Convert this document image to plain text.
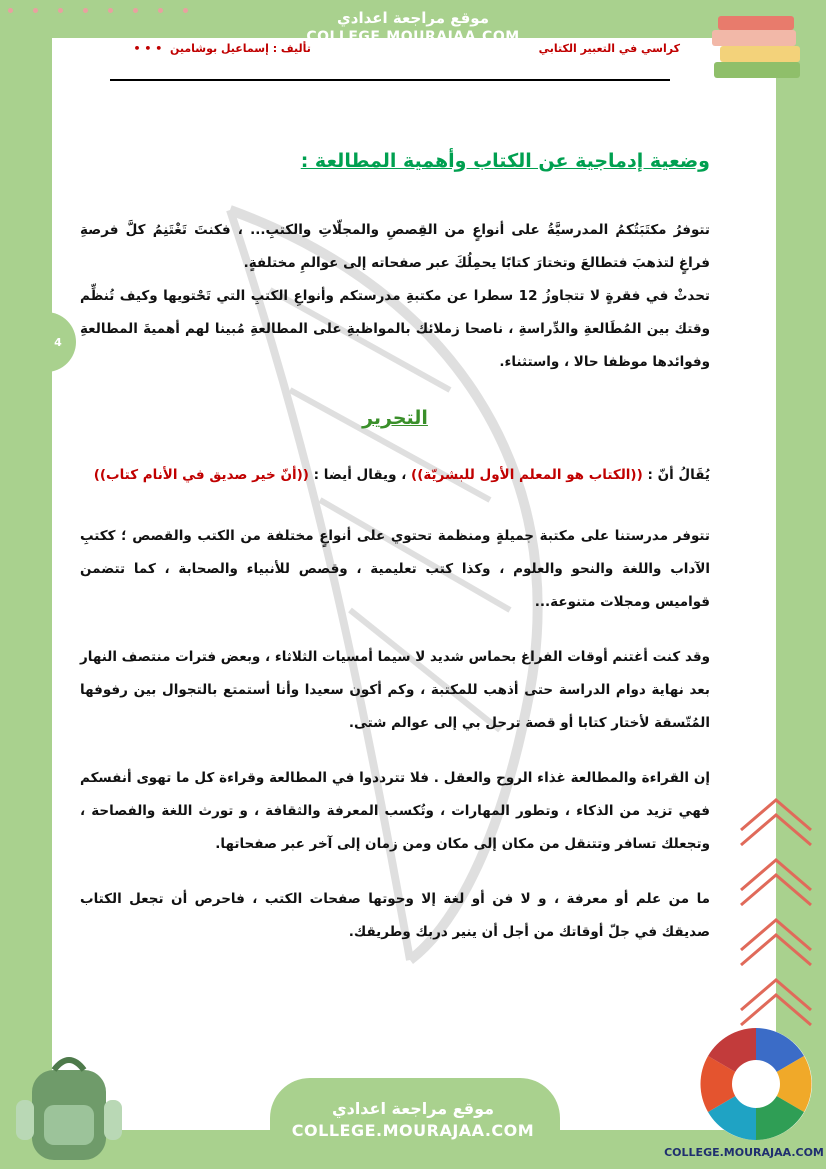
موقع مراجعة اعدادي
COLLEGE.MOURAJAA.COM
كراسي في التعبير الكتابي  تأليف : إسماعيل بوشامين  • • •
4
وضعية إدماجية عن الكتاب وأهمية المطالعة :

تتوفرُ مكتَبَتُكمُ المدرسيَّةُ على أنواعٍ من القِصصِ والمجلّاتِ والكتبِ... ، فكنتَ تَغْتَنِمُ كلَّ فرصةِ فراغٍ لتذهبَ فتطالعَ وتختارَ كتابًا يحمِلُكَ عبر صفحاته إلى عوالمِ مختلفةٍ.

تحدثْ في فقرةٍ لا تتجاوزُ 12 سطرا عن مكتبةِ مدرستكم وأنواعِ الكتبِ التي تَحْتويها وكيف تُنظِّم وقتك بين المُطَالعةِ والدِّراسةِ ، ناصحا زملائك بالمواظبةِ على المطالعةِ مُبينا لهم أهميةَ المطالعةِ وفوائدها موظفا حالا ، واستثناء.

التحرير

يُقَالُ أنّ : ((الكتاب هو المعلم الأول للبشريّة)) ، ويقال أيضا : ((أنّ خير صديق في الأنام كتاب))

تتوفر مدرستنا على مكتبة جميلةٍ ومنظمة تحتوي على أنواعٍ مختلفة من الكتب والقصص ؛ ككتبِ الآداب واللغة والنحو والعلوم ، وكذا كتب تعليمية ، وقصص للأنبياء والصحابة ، كما تتضمن قواميس ومجلات متنوعة...

وقد كنت أغتنم أوقات الفراغ بحماس شديد لا سيما أمسيات الثلاثاء ، وبعض فترات منتصف النهار بعد نهاية دوام الدراسة حتى أذهب للمكتبة ، وكم أكون سعيدا وأنا أستمتع بالتجوال بين رفوفها المُتّسقة لأختار كتابا أو قصة ترحل بي إلى عوالم شتى.

إن القراءة والمطالعة غذاء الروح والعقل . فلا تترددوا في المطالعة وقراءة كل ما تهوى أنفسكم فهي تزيد من الذكاء ، وتطور المهارات ، وتُكسب المعرفة والثقافة ، و تورث اللغة والفصاحة ، وتجعلك تسافر وتتنقل من مكان إلى مكان ومن زمان إلى آخر عبر صفحاتها.

ما من علم أو معرفة ، و لا فن أو لغة إلا وحوتها صفحات الكتب ، فاحرص أن تجعل الكتاب صديقك في جلّ أوقاتك من أجل أن ينير دربك وطريقك.

موقع مراجعة اعدادي
COLLEGE.MOURAJAA.COM
COLLEGE.MOURAJAA.COM
